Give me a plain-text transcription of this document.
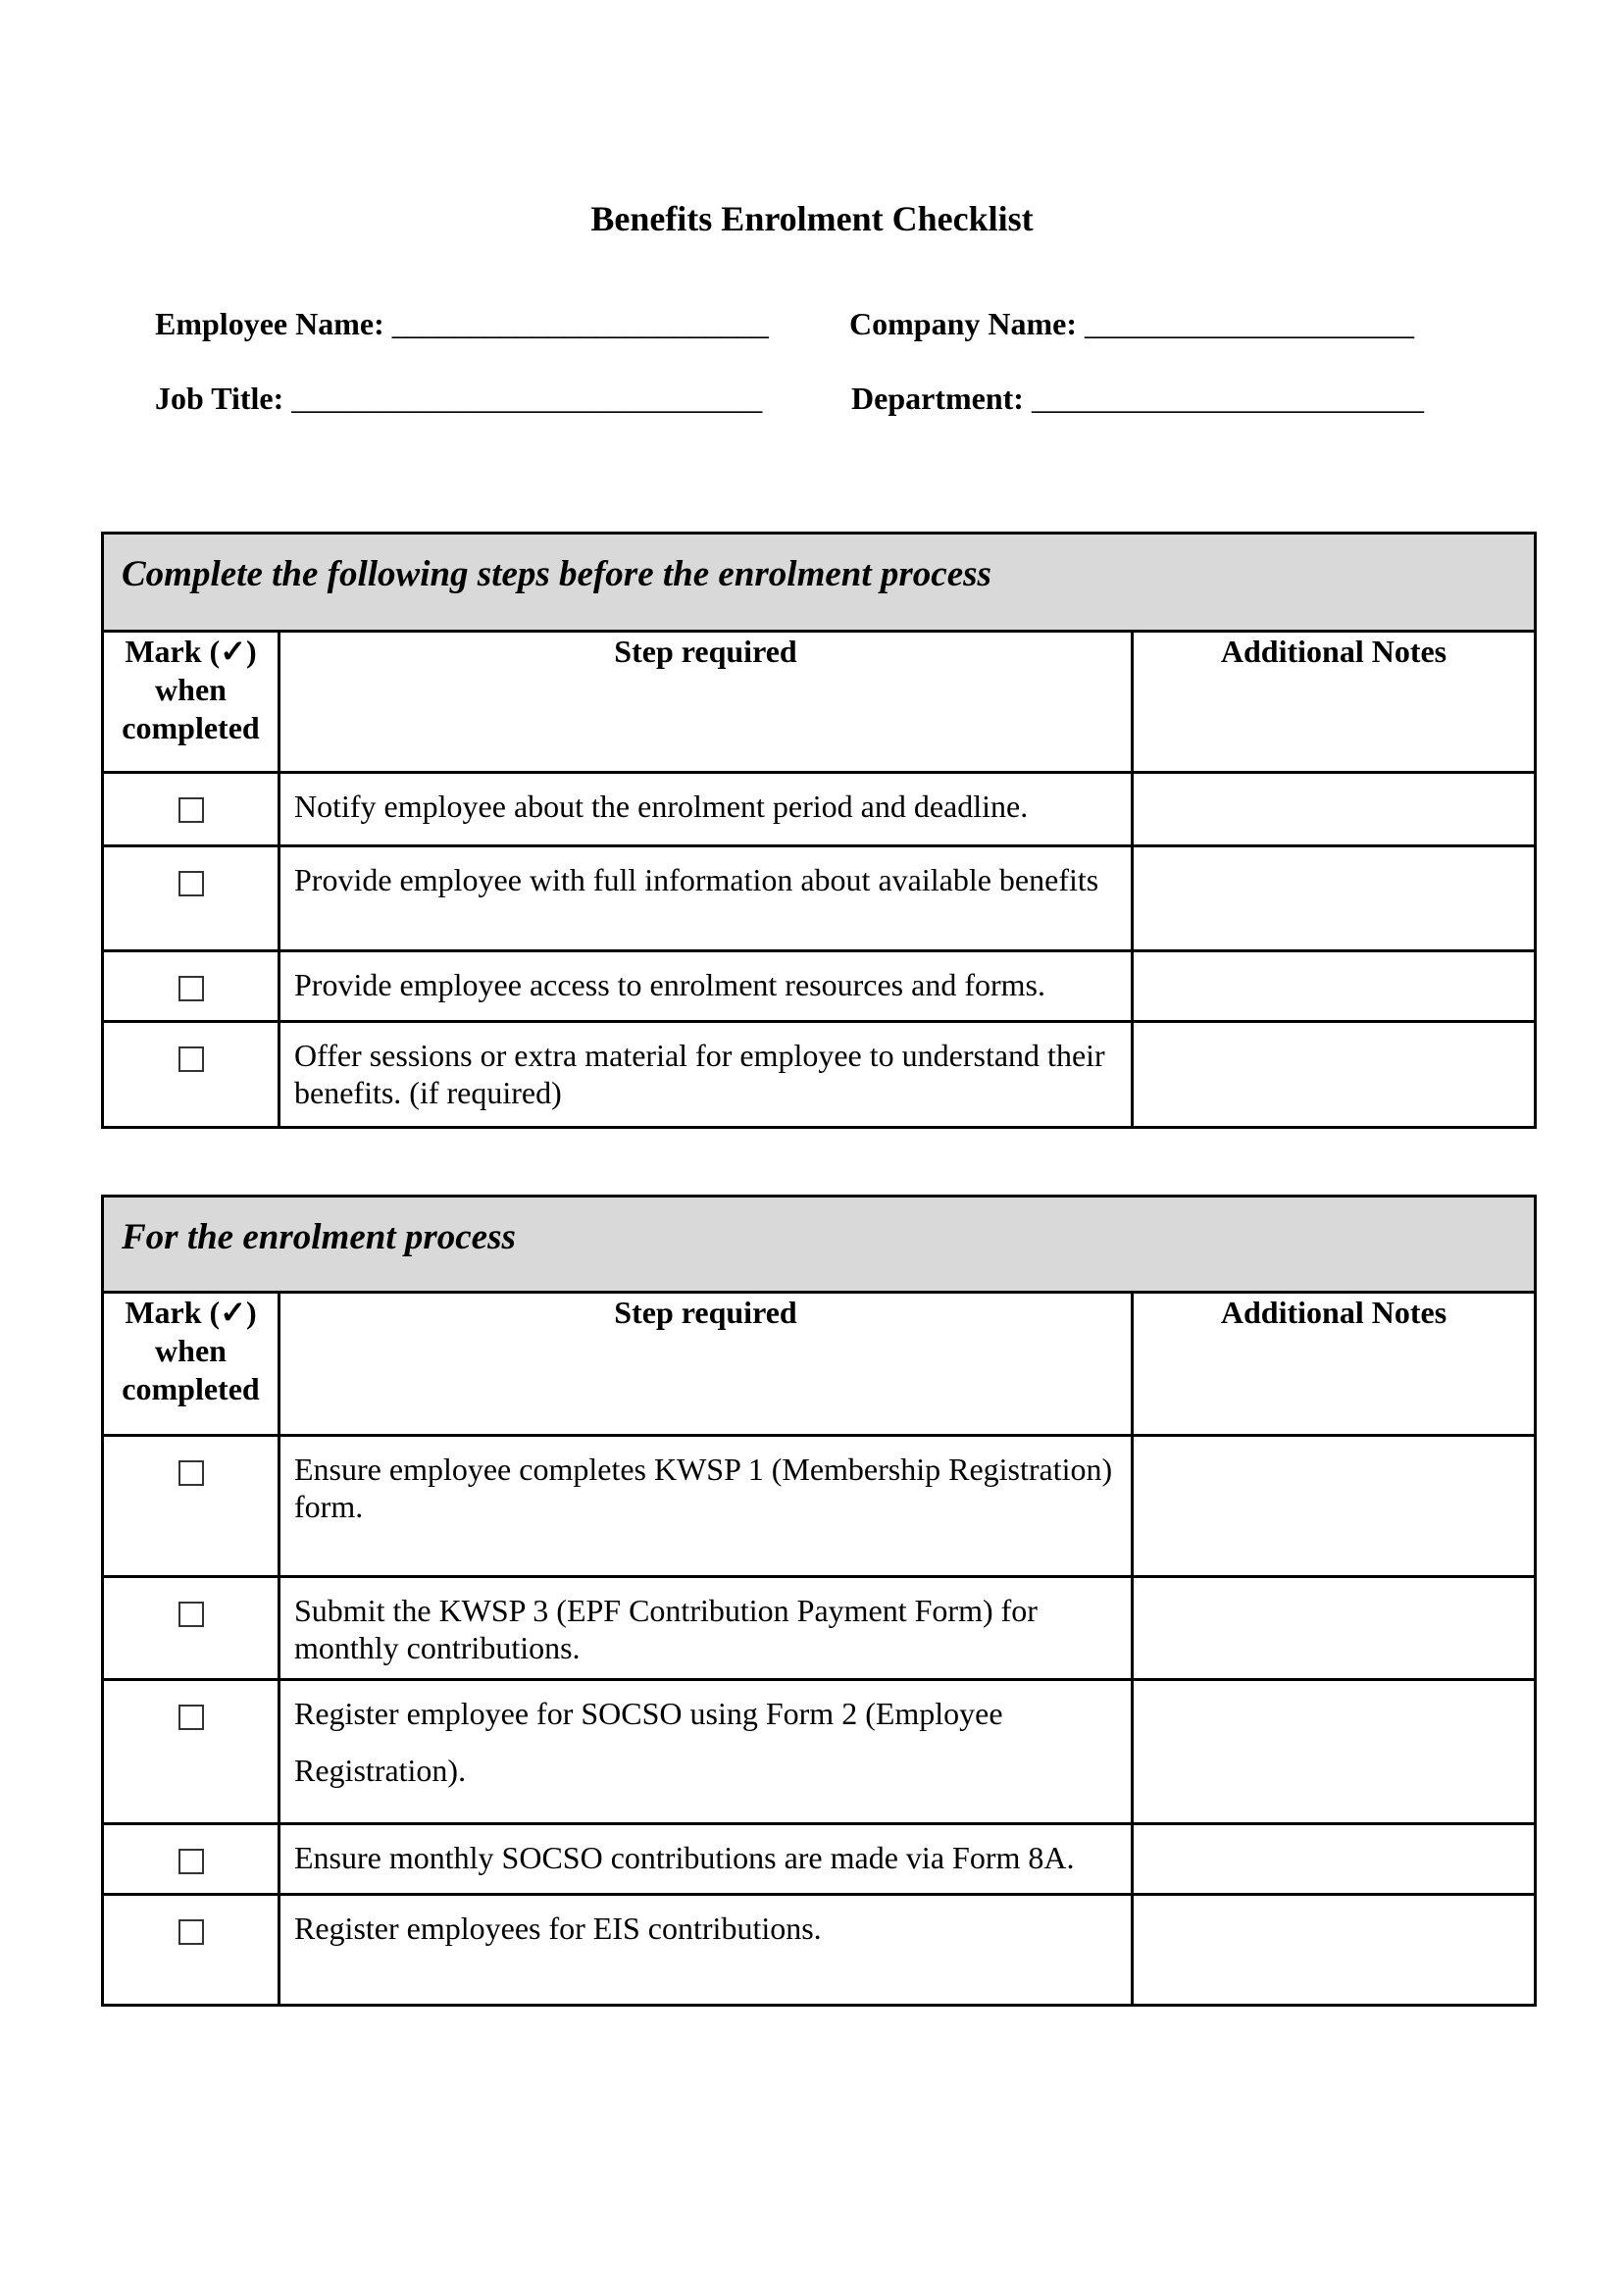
Benefits Enrolment Checklist
Employee Name: ________________________	Company Name: _____________________
Job Title: ______________________________	Department: _________________________
Complete the following steps before the enrolment process		
Mark (✓) when completed	Step required	Additional Notes
	Notify employee about the enrolment period and deadline.	
	Provide employee with full information about available benefits	
	Provide employee access to enrolment resources and forms.	
	Offer sessions or extra material for employee to understand their benefits. (if required)	
For the enrolment process		
Mark (✓) when completed	Step required	Additional Notes
	Ensure employee completes KWSP 1 (Membership Registration) form.	
	Submit the KWSP 3 (EPF Contribution Payment Form) for monthly contributions.	
	Register employee for SOCSO using Form 2 (Employee Registration).	
	Ensure monthly SOCSO contributions are made via Form 8A.	
	Register employees for EIS contributions.	
